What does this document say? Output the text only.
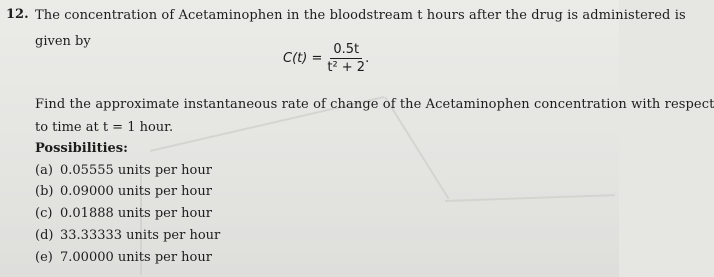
12. The concentration of Acetaminophen in the bloodstream t hours after the drug is administered is
given by
$C(t) = \frac{0.5t}{\text{t² + 2}}$ .
Find the approximate instantaneous rate of change of the Acetaminophen concentration with respect
to time at t = 1 hour.
Possibilities:
(a) 0.05555 units per hour
(b) 0.09000 units per hour
(c) 0.01888 units per hour
(d) 33.33333 units per hour
(e) 7.00000 units per hour
